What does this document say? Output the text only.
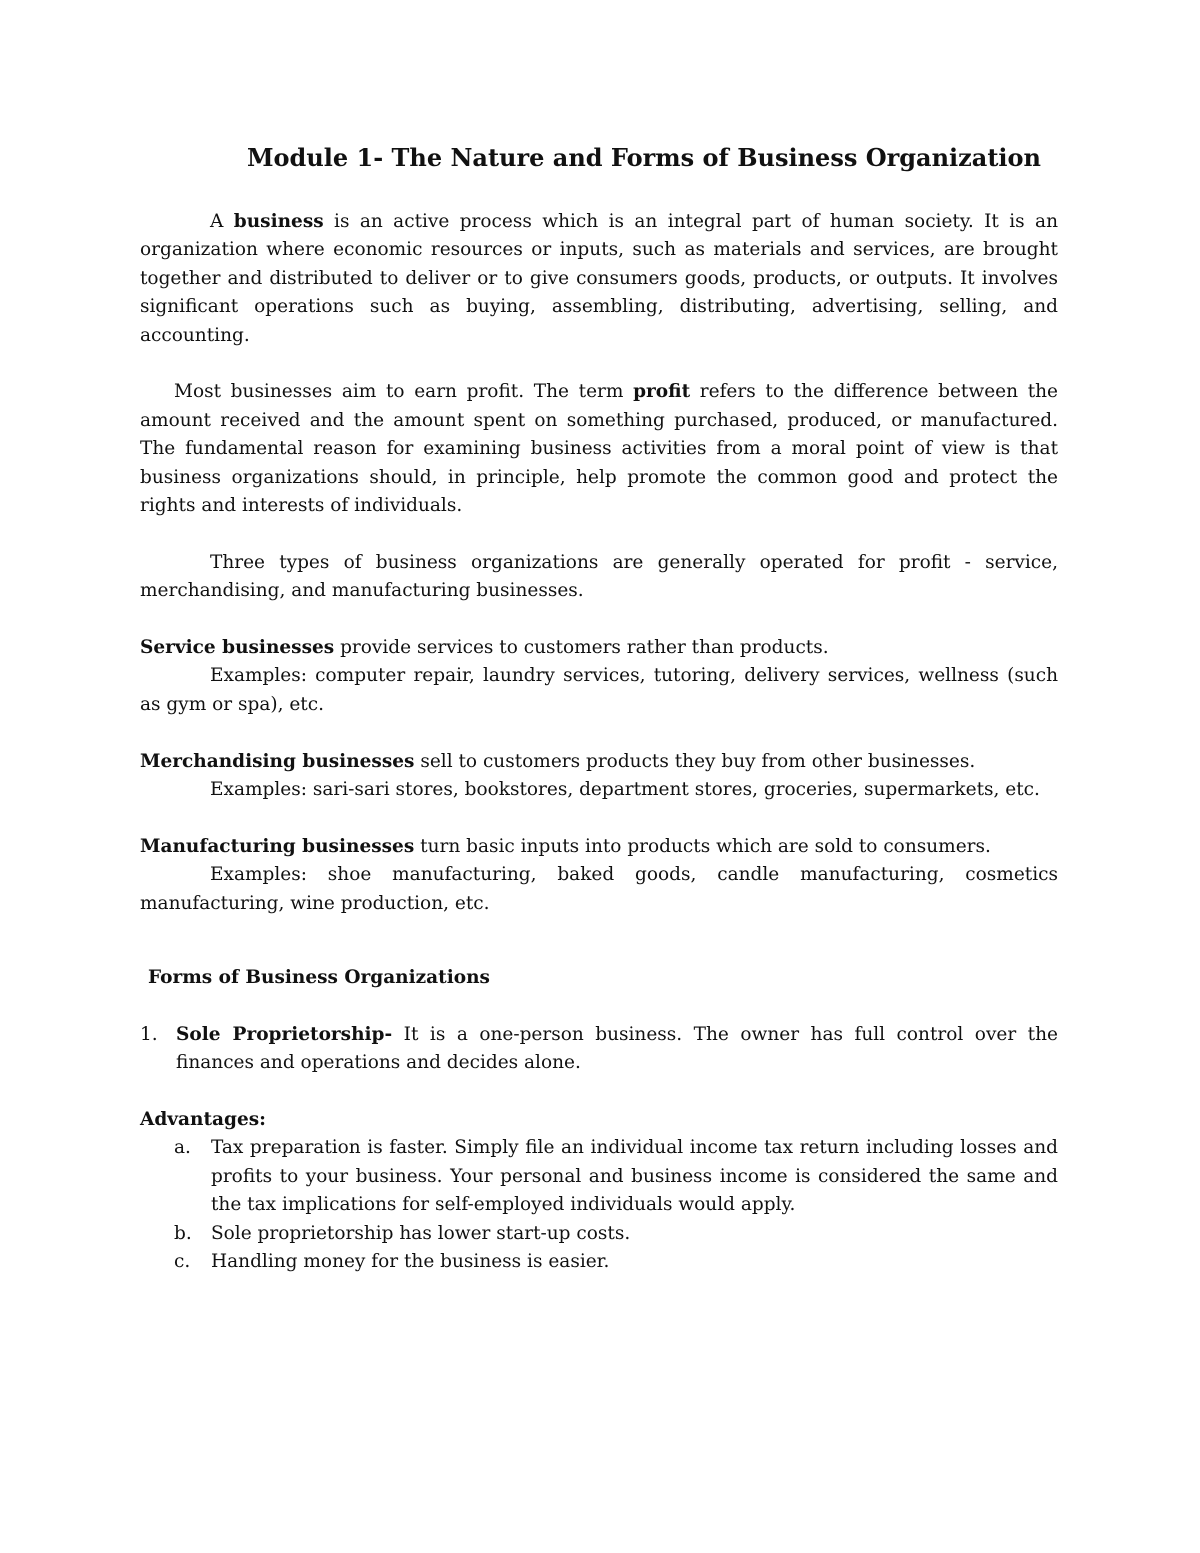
Module 1- The Nature and Forms of Business Organization

A business is an active process which is an integral part of human society. It is an organization where economic resources or inputs, such as materials and services, are brought together and distributed to deliver or to give consumers goods, products, or outputs. It involves significant operations such as buying, assembling, distributing, advertising, selling, and accounting.

Most businesses aim to earn profit. The term profit refers to the difference between the amount received and the amount spent on something purchased, produced, or manufactured. The fundamental reason for examining business activities from a moral point of view is that business organizations should, in principle, help promote the common good and protect the rights and interests of individuals.

Three types of business organizations are generally operated for profit - service, merchandising, and manufacturing businesses.

Service businesses provide services to customers rather than products.

Examples: computer repair, laundry services, tutoring, delivery services, wellness (such as gym or spa), etc.

Merchandising businesses sell to customers products they buy from other businesses.

Examples: sari-sari stores, bookstores, department stores, groceries, supermarkets, etc.

Manufacturing businesses turn basic inputs into products which are sold to consumers.

Examples: shoe manufacturing, baked goods, candle manufacturing, cosmetics manufacturing, wine production, etc.

Forms of Business Organizations

1. Sole Proprietorship- It is a one-person business. The owner has full control over the finances and operations and decides alone.

Advantages:

a. Tax preparation is faster. Simply file an individual income tax return including losses and profits to your business. Your personal and business income is considered the same and the tax implications for self-employed individuals would apply.
b. Sole proprietorship has lower start-up costs.
c. Handling money for the business is easier.
